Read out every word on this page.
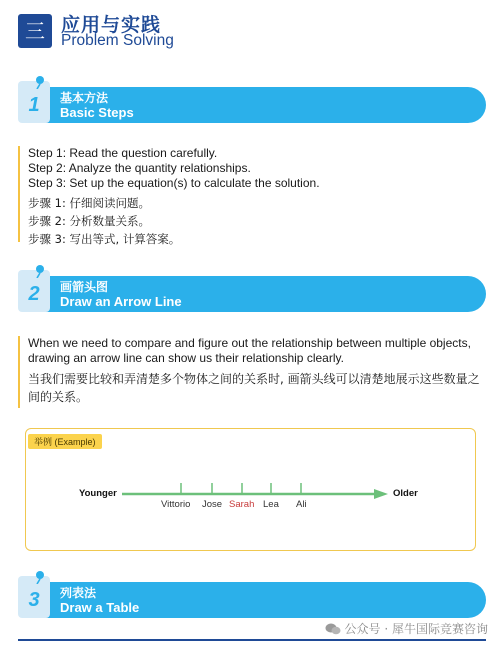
三 应用与实践
Problem Solving
1	基本方法
Basic Steps
Step 1: Read the question carefully.
Step 2: Analyze the quantity relationships.
Step 3: Set up the equation(s) to calculate the solution.
步骤 1: 仔细阅读问题。
步骤 2: 分析数量关系。
步骤 3: 写出等式, 计算答案。
2	画箭头图
Draw an Arrow Line
When we need to compare and figure out the relationship between multiple objects, drawing an arrow line can show us their relationship clearly.
当我们需要比较和弄清楚多个物体之间的关系时, 画箭头线可以清楚地展示这些数量之间的关系。
举例 (Example)
Younger	Older
Vittorio Jose Sarah Lea Ali
3	列表法
Draw a Table
公众号 · 犀牛国际竞赛咨询
